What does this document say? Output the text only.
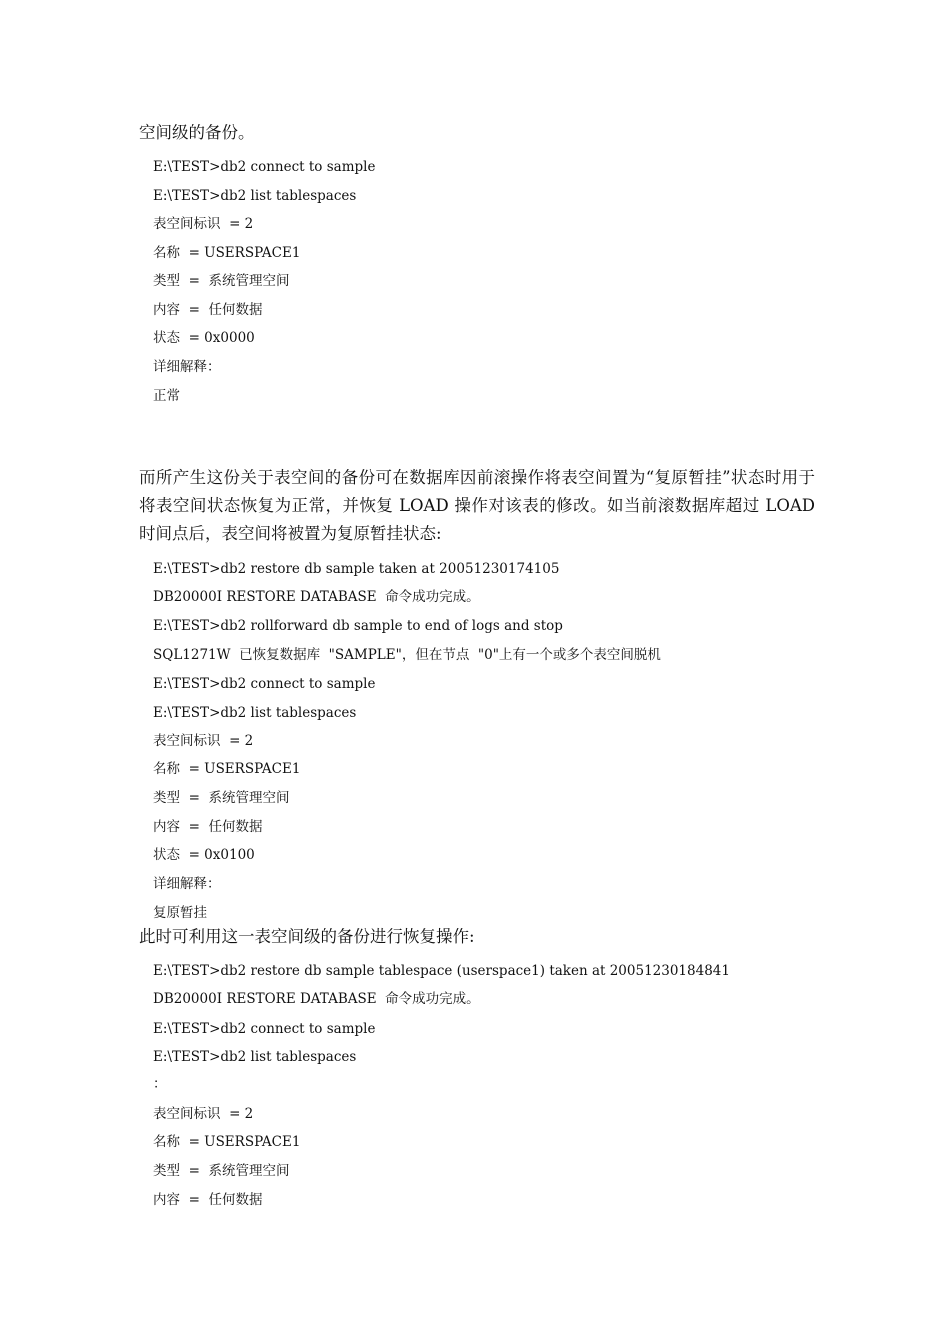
空间级的备份。

E:\TEST>db2 connect to sample

E:\TEST>db2 list tablespaces

表空间标识  = 2

名称  = USERSPACE1

类型  =  系统管理空间

内容  =  任何数据

状态  = 0x0000

详细解释：

正常

而所产生这份关于表空间的备份可在数据库因前滚操作将表空间置为“复原暂挂”状态时用于将表空间状态恢复为正常，并恢复 LOAD 操作对该表的修改。如当前滚数据库超过 LOAD 时间点后，表空间将被置为复原暂挂状态:

E:\TEST>db2 restore db sample taken at 20051230174105

DB20000I RESTORE DATABASE  命令成功完成。

E:\TEST>db2 rollforward db sample to end of logs and stop

SQL1271W  已恢复数据库  "SAMPLE"，但在节点  "0"上有一个或多个表空间脱机

E:\TEST>db2 connect to sample

E:\TEST>db2 list tablespaces

表空间标识  = 2

名称  = USERSPACE1

类型  =  系统管理空间

内容  =  任何数据

状态  = 0x0100

详细解释：

复原暂挂

此时可利用这一表空间级的备份进行恢复操作:

E:\TEST>db2 restore db sample tablespace (userspace1) taken at 20051230184841

DB20000I RESTORE DATABASE  命令成功完成。

E:\TEST>db2 connect to sample

E:\TEST>db2 list tablespaces

：

表空间标识  = 2

名称  = USERSPACE1

类型  =  系统管理空间

内容  =  任何数据
